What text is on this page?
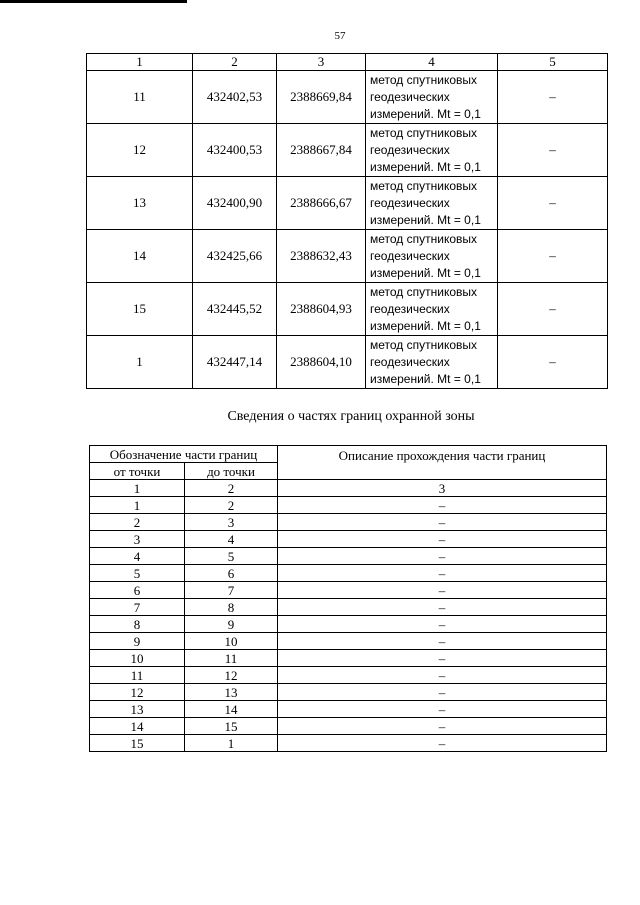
57
1	2	3	4	5
11	432402,53	2388669,84	метод спутниковых
геодезических
измерений. Mt = 0,1	–
12	432400,53	2388667,84	метод спутниковых
геодезических
измерений. Mt = 0,1	–
13	432400,90	2388666,67	метод спутниковых
геодезических
измерений. Mt = 0,1	–
14	432425,66	2388632,43	метод спутниковых
геодезических
измерений. Mt = 0,1	–
15	432445,52	2388604,93	метод спутниковых
геодезических
измерений. Mt = 0,1	–
1	432447,14	2388604,10	метод спутниковых
геодезических
измерений. Mt = 0,1	–
Сведения о частях границ охранной зоны
Обозначение части границ		Описание прохождения части границ
от точки	до точки	
1	2	3
1	2	–
2	3	–
3	4	–
4	5	–
5	6	–
6	7	–
7	8	–
8	9	–
9	10	–
10	11	–
11	12	–
12	13	–
13	14	–
14	15	–
15	1	–
